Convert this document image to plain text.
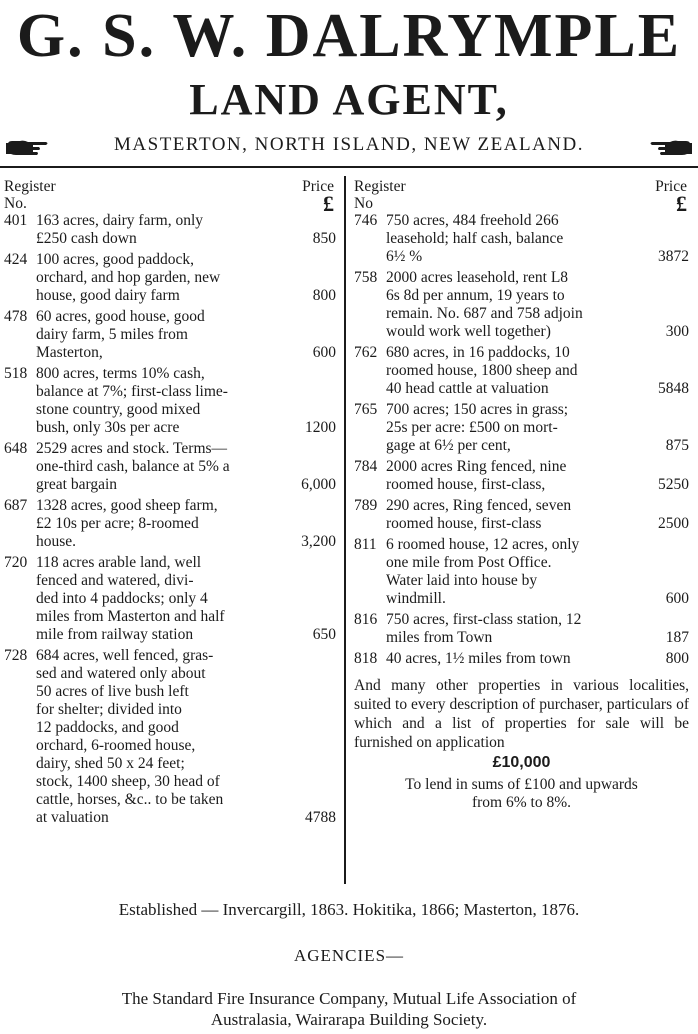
G. S. W. DALRYMPLE
LAND AGENT,
MASTERTON, NORTH ISLAND, NEW ZEALAND.
Register
No.
Price
£
401 163 acres, dairy farm, only
£250 cash down	850
424 100 acres, good paddock,
orchard, and hop garden, new
house, good dairy farm	800
478 60 acres, good house, good
dairy farm, 5 miles from
Masterton,	600
518 800 acres, terms 10% cash,
balance at 7%; first-class lime-
stone country, good mixed
bush, only 30s per acre	1200
648 2529 acres and stock. Terms—
one-third cash, balance at 5% a
great bargain	6,000
687 1328 acres, good sheep farm,
£2 10s per acre; 8-roomed
house.	3,200
720 118 acres arable land, well
fenced and watered, divi-
ded into 4 paddocks; only 4
miles from Masterton and half
mile from railway station	650
728 684 acres, well fenced, gras-
sed and watered only about
50 acres of live bush left
for shelter; divided into
12 paddocks, and good
orchard, 6-roomed house,
dairy, shed 50 x 24 feet;
stock, 1400 sheep, 30 head of
cattle, horses, &c.. to be taken
at valuation	4788
Register
No
Price
£
746 750 acres, 484 freehold 266
leasehold; half cash, balance
6½ %	3872
758 2000 acres leasehold, rent L8
6s 8d per annum, 19 years to
remain. No. 687 and 758 adjoin
would work well together)	300
762 680 acres, in 16 paddocks, 10
roomed house, 1800 sheep and
40 head cattle at valuation	5848
765 700 acres; 150 acres in grass;
25s per acre: £500 on mort-
gage at 6½ per cent,	875
784 2000 acres Ring fenced, nine
roomed house, first-class,	5250
789 290 acres, Ring fenced, seven
roomed house, first-class	2500
811 6 roomed house, 12 acres, only
one mile from Post Office.
Water laid into house by
windmill.	600
816 750 acres, first-class station, 12
miles from Town	187
818 40 acres, 1½ miles from town	800
And many other properties in various localities, suited to every description of purchaser, particulars of which and a list of properties for sale will be furnished on application
£10,000
To lend in sums of £100 and upwards
from 6% to 8%.
Established — Invercargill, 1863. Hokitika, 1866; Masterton, 1876.
AGENCIES—
The Standard Fire Insurance Company, Mutual Life Association of
Australasia, Wairarapa Building Society.
